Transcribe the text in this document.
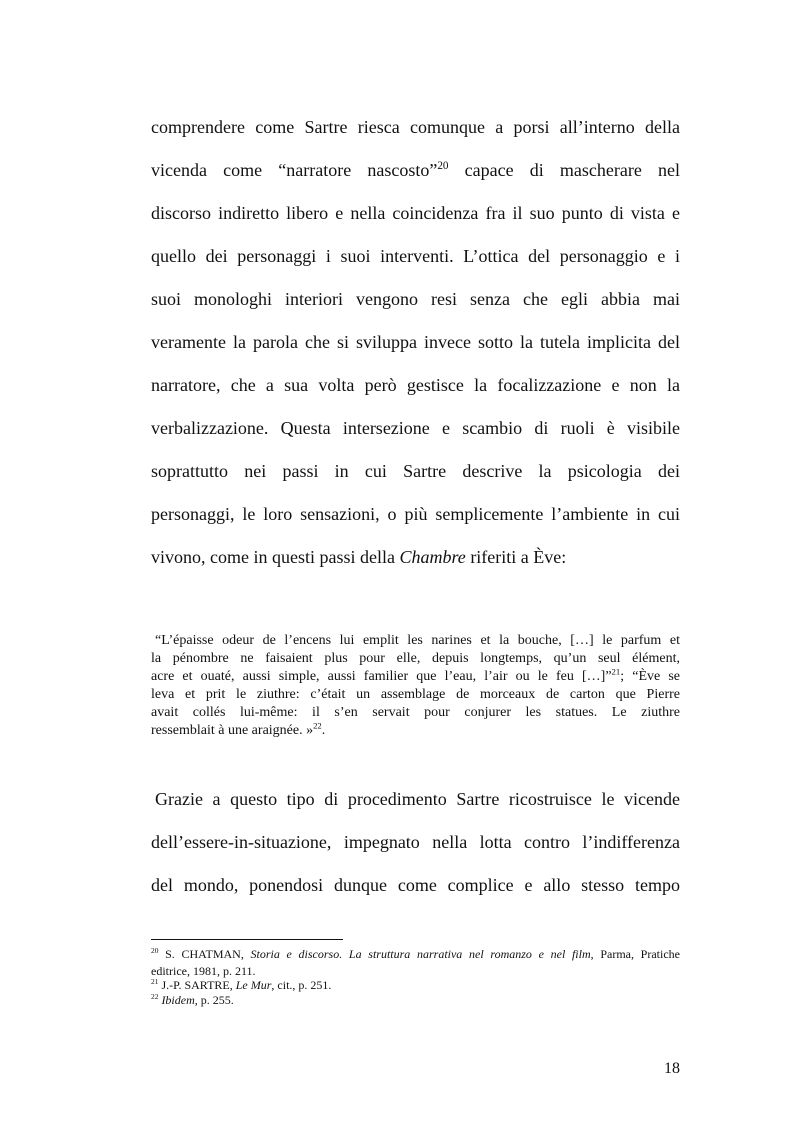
comprendere come Sartre riesca comunque a porsi all’interno della
vicenda come “narratore nascosto”$^{20}$ capace di mascherare nel
discorso indiretto libero e nella coincidenza fra il suo punto di vista e
quello dei personaggi i suoi interventi. L’ottica del personaggio e i
suoi monologhi interiori vengono resi senza che egli abbia mai
veramente la parola che si sviluppa invece sotto la tutela implicita del
narratore, che a sua volta però gestisce la focalizzazione e non la
verbalizzazione. Questa intersezione e scambio di ruoli è visibile
soprattutto nei passi in cui Sartre descrive la psicologia dei
personaggi, le loro sensazioni, o più semplicemente l’ambiente in cui
vivono, come in questi passi della Chambre riferiti a Ève:
“L’épaisse odeur de l’encens lui emplit les narines et la bouche, […] le parfum et
la pénombre ne faisaient plus pour elle, depuis longtemps, qu’un seul élément,
acre et ouaté, aussi simple, aussi familier que l’eau, l’air ou le feu […]”$^{21}$; “Ève se
leva et prit le ziuthre: c’était un assemblage de morceaux de carton que Pierre
avait collés lui-même: il s’en servait pour conjurer les statues. Le ziuthre
ressemblait à une araignée. »$^{22}$.
Grazie a questo tipo di procedimento Sartre ricostruisce le vicende
dell’essere-in-situazione, impegnato nella lotta contro l’indifferenza
del mondo, ponendosi dunque come complice e allo stesso tempo
$^{20}$ S. CHATMAN, Storia e discorso. La struttura narrativa nel romanzo e nel film, Parma, Pratiche
editrice, 1981, p. 211.
$^{21}$ J.-P. SARTRE, Le Mur, cit., p. 251.
$^{22}$ Ibidem, p. 255.
18
